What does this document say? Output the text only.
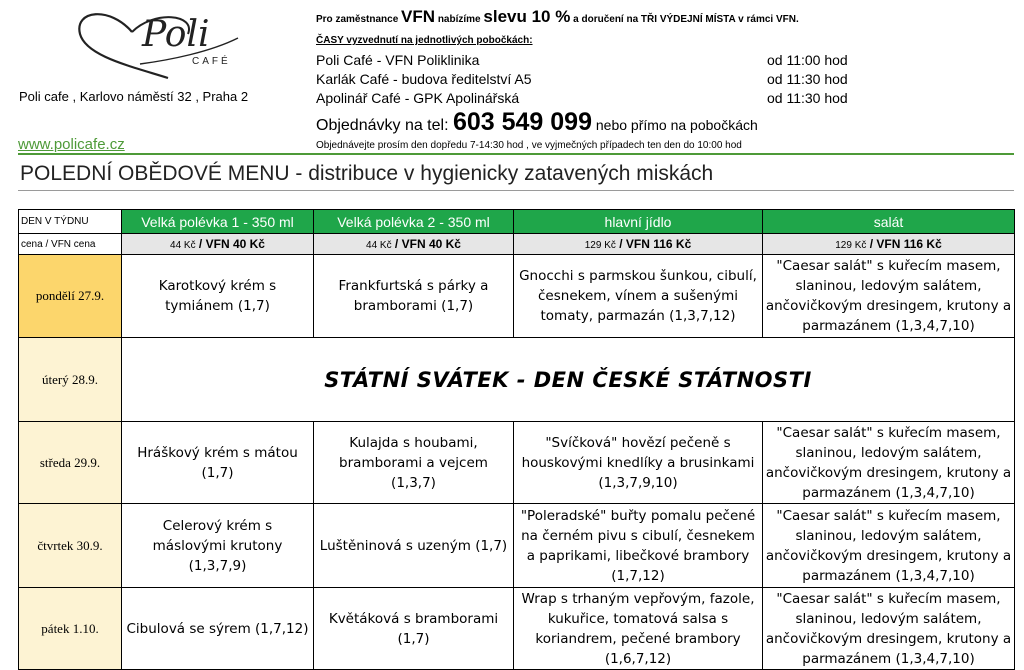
Poli
CAFÉ
Poli cafe , Karlovo náměstí 32 , Praha 2
www.policafe.cz
Pro zaměstnance VFN nabízíme slevu 10 % a doručení na TŘI VÝDEJNÍ MÍSTA v rámci VFN.
ČASY vyzvednutí na jednotlivých pobočkách:
Poli Café - VFN Poliklinika	od 11:00 hod
Karlák Café - budova ředitelství A5	od 11:30 hod
Apolinář Café - GPK Apolinářská	od 11:30 hod
Objednávky na tel: 603 549 099 nebo přímo na pobočkách
Objednávejte prosím den dopředu 7-14:30 hod , ve vyjmečných případech ten den do 10:00 hod
POLEDNÍ OBĚDOVÉ MENU - distribuce v hygienicky zatavených miskách
DEN V TÝDNU	Velká polévka 1 - 350 ml	Velká polévka 2 - 350 ml	hlavní jídlo	salát
cena / VFN cena	44 Kč / VFN 40 Kč	44 Kč / VFN 40 Kč	129 Kč / VFN 116 Kč	129 Kč / VFN 116 Kč
pondělí 27.9.	Karotkový krém s tymiánem (1,7)	Frankfurtská s párky a bramborami (1,7)	Gnocchi s parmskou šunkou, cibulí, česnekem, vínem a sušenými tomaty, parmazán (1,3,7,12)	"Caesar salát" s kuřecím masem, slaninou, ledovým salátem, ančovičkovým dresingem, krutony a parmazánem (1,3,4,7,10)
úterý 28.9.	STÁTNÍ SVÁTEK - DEN ČESKÉ STÁTNOSTI			
středa 29.9.	Hráškový krém s mátou (1,7)	Kulajda s houbami, bramborami a vejcem (1,3,7)	"Svíčková" hovězí pečeně s houskovými knedlíky a brusinkami (1,3,7,9,10)	"Caesar salát" s kuřecím masem, slaninou, ledovým salátem, ančovičkovým dresingem, krutony a parmazánem (1,3,4,7,10)
čtvrtek 30.9.	Celerový krém s máslovými krutony (1,3,7,9)	Luštěninová s uzeným (1,7)	"Poleradské" buřty pomalu pečené na černém pivu s cibulí, česnekem a paprikami, libečkové brambory (1,7,12)	"Caesar salát" s kuřecím masem, slaninou, ledovým salátem, ančovičkovým dresingem, krutony a parmazánem (1,3,4,7,10)
pátek 1.10.	Cibulová se sýrem (1,7,12)	Květáková s bramborami (1,7)	Wrap s trhaným vepřovým, fazole, kukuřice, tomatová salsa s koriandrem, pečené brambory (1,6,7,12)	"Caesar salát" s kuřecím masem, slaninou, ledovým salátem, ančovičkovým dresingem, krutony a parmazánem (1,3,4,7,10)
